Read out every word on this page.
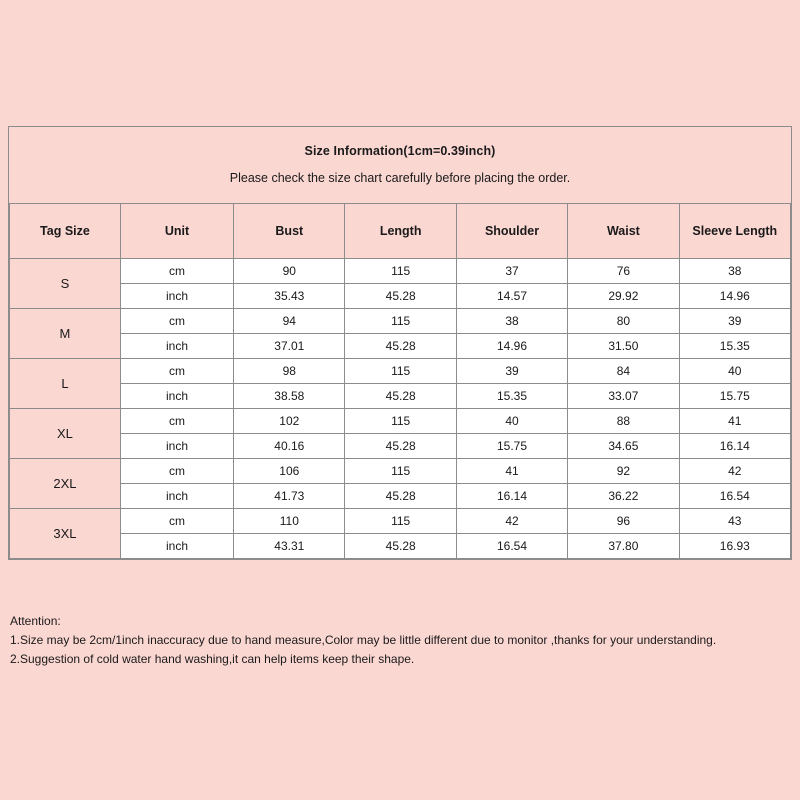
Size Information(1cm=0.39inch)
Please check the size chart carefully before placing the order.
Tag Size	Unit	Bust	Length	Shoulder	Waist	Sleeve Length
S	cm	90	115	37	76	38
	inch	35.43	45.28	14.57	29.92	14.96
M	cm	94	115	38	80	39
	inch	37.01	45.28	14.96	31.50	15.35
L	cm	98	115	39	84	40
	inch	38.58	45.28	15.35	33.07	15.75
XL	cm	102	115	40	88	41
	inch	40.16	45.28	15.75	34.65	16.14
2XL	cm	106	115	41	92	42
	inch	41.73	45.28	16.14	36.22	16.54
3XL	cm	110	115	42	96	43
	inch	43.31	45.28	16.54	37.80	16.93
Attention:
1.Size may be 2cm/1inch inaccuracy due to hand measure,Color may be little different due to monitor ,thanks for your understanding.
2.Suggestion of cold water hand washing,it can help items keep their shape.
